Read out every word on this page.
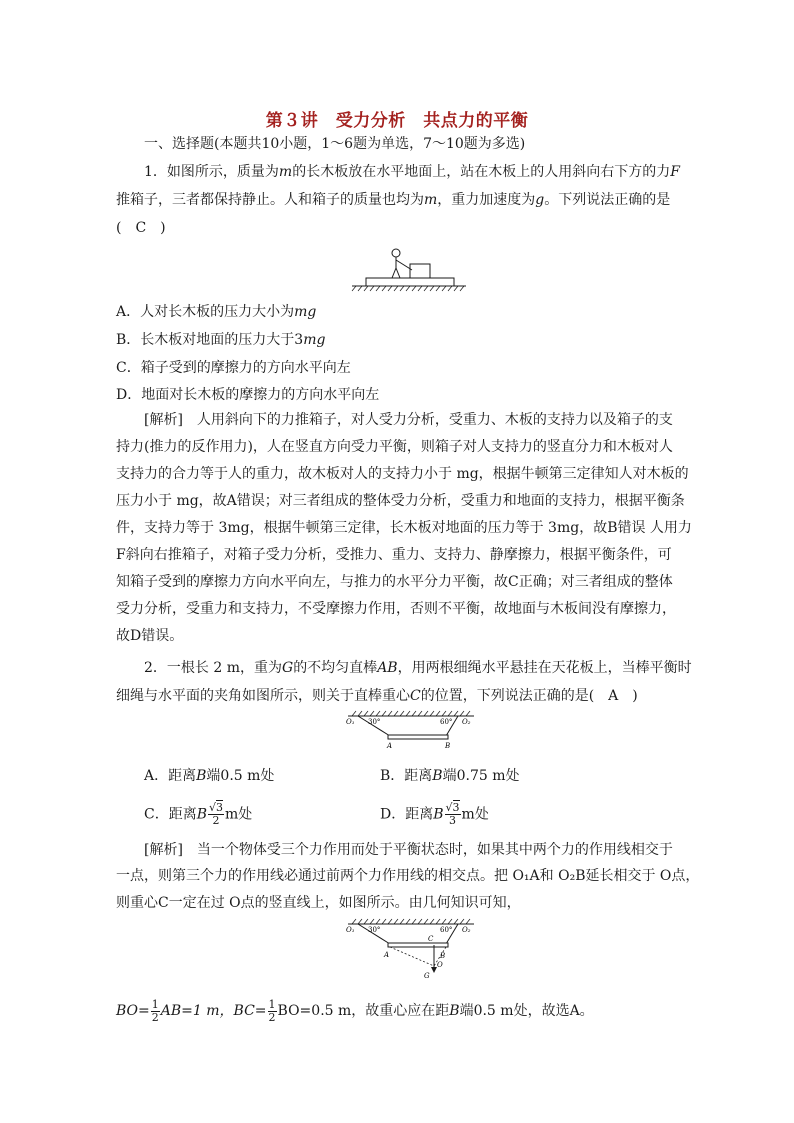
第３讲　受力分析　共点力的平衡
一、选择题(本题共10小题，1～6题为单选，7～10题为多选)
1．如图所示，质量为m的长木板放在水平地面上，站在木板上的人用斜向右下方的力F
推箱子，三者都保持静止。人和箱子的质量也均为m，重力加速度为g。下列说法正确的是
(　C　)
A．人对长木板的压力大小为mg
B．长木板对地面的压力大于3mg
C．箱子受到的摩擦力的方向水平向左
D．地面对长木板的摩擦力的方向水平向左
[解析]　人用斜向下的力推箱子，对人受力分析，受重力、木板的支持力以及箱子的支
持力(推力的反作用力)，人在竖直方向受力平衡，则箱子对人支持力的竖直分力和木板对人
支持力的合力等于人的重力，故木板对人的支持力小于 mg，根据牛顿第三定律知人对木板的
压力小于 mg，故A错误；对三者组成的整体受力分析，受重力和地面的支持力，根据平衡条
件，支持力等于 3mg，根据牛顿第三定律，长木板对地面的压力等于 3mg，故B错误 人用力
F斜向右推箱子，对箱子受力分析，受推力、重力、支持力、静摩擦力，根据平衡条件，可
知箱子受到的摩擦力方向水平向左，与推力的水平分力平衡，故C正确；对三者组成的整体
受力分析，受重力和支持力，不受摩擦力作用，否则不平衡，故地面与木板间没有摩擦力，
故D错误。
2．一根长 2 m，重为G的不均匀直棒AB，用两根细绳水平悬挂在天花板上，当棒平衡时
细绳与水平面的夹角如图所示，则关于直棒重心C的位置，下列说法正确的是(　A　)
O₁ 30°	60° O₂
A	B
A．距离B端0.5 m处	B．距离B端0.75 m处
C．距离B $\frac{√3}{2}$ m处	D．距离B $\frac{√3}{3}$ m处
[解析]　当一个物体受三个力作用而处于平衡状态时，如果其中两个力的作用线相交于
一点，则第三个力的作用线必通过前两个力作用线的相交点。把 O₁A和 O₂B延长相交于 O点，
则重心C一定在过 O点的竖直线上，如图所示。由几何知识可知，
O₁ 30°	60° O₂
C
A	B
O
G
$BO= \frac{1}{2} AB=1$ m，$BC= \frac{1}{2} BO=0.5$ m，故重心应在距B端0.5 m处，故选A。
